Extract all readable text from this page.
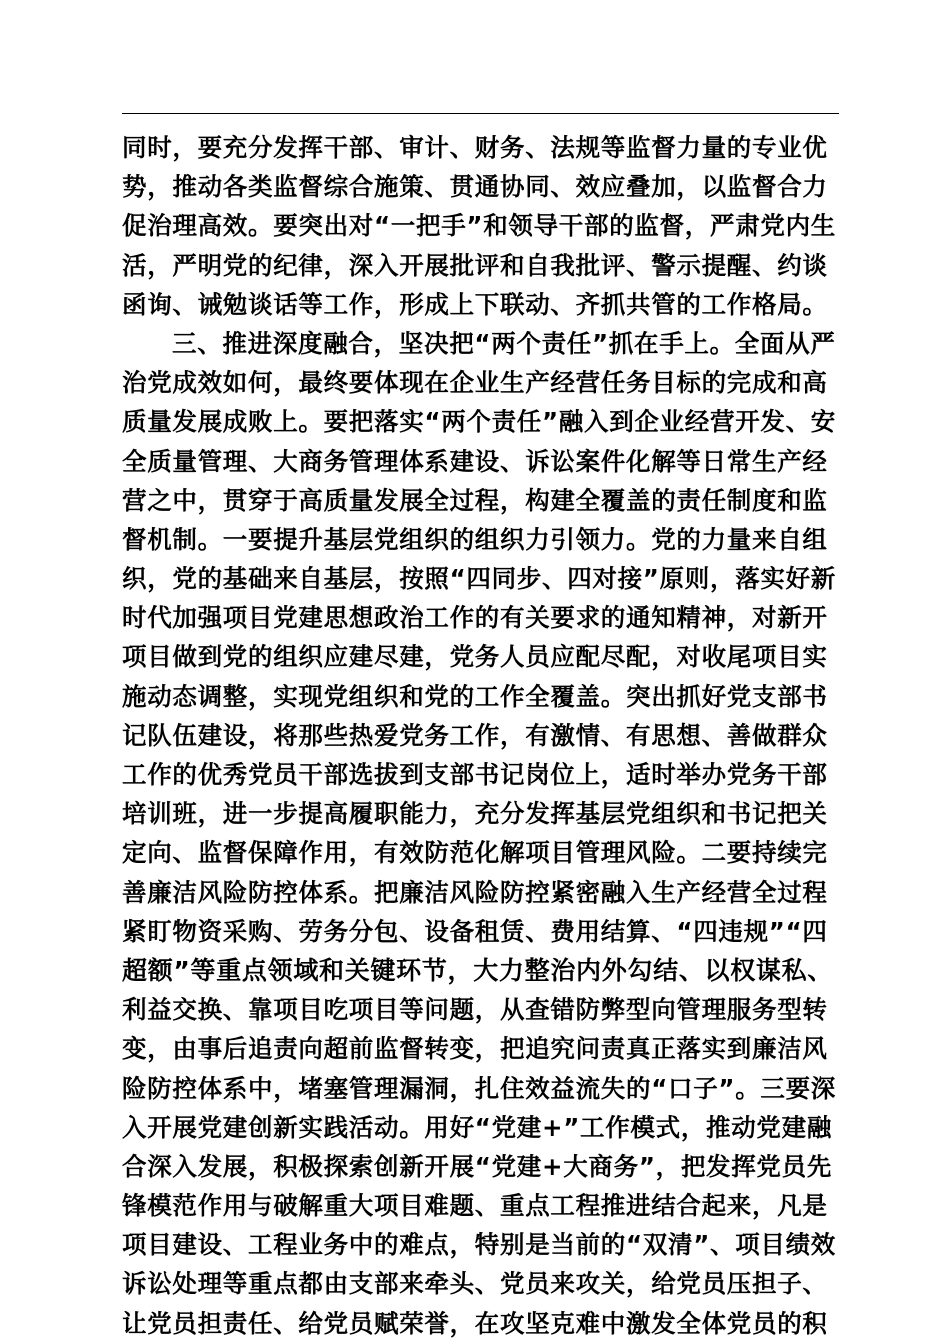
同时，要充分发挥干部、审计、财务、法规等监督力量的专业优
势，推动各类监督综合施策、贯通协同、效应叠加，以监督合力
促治理高效。要突出对“一把手”和领导干部的监督，严肃党内生
活，严明党的纪律，深入开展批评和自我批评、警示提醒、约谈
函询、诫勉谈话等工作，形成上下联动、齐抓共管的工作格局。
三、推进深度融合，坚决把“两个责任”抓在手上。全面从严
治党成效如何，最终要体现在企业生产经营任务目标的完成和高
质量发展成败上。要把落实“两个责任”融入到企业经营开发、安
全质量管理、大商务管理体系建设、诉讼案件化解等日常生产经
营之中，贯穿于高质量发展全过程，构建全覆盖的责任制度和监
督机制。一要提升基层党组织的组织力引领力。党的力量来自组
织，党的基础来自基层，按照“四同步、四对接”原则，落实好新
时代加强项目党建思想政治工作的有关要求的通知精神，对新开
项目做到党的组织应建尽建，党务人员应配尽配，对收尾项目实
施动态调整，实现党组织和党的工作全覆盖。突出抓好党支部书
记队伍建设，将那些热爱党务工作，有激情、有思想、善做群众
工作的优秀党员干部选拔到支部书记岗位上，适时举办党务干部
培训班，进一步提高履职能力，充分发挥基层党组织和书记把关
定向、监督保障作用，有效防范化解项目管理风险。二要持续完
善廉洁风险防控体系。把廉洁风险防控紧密融入生产经营全过程
紧盯物资采购、劳务分包、设备租赁、费用结算、“四违规”“四
超额”等重点领域和关键环节，大力整治内外勾结、以权谋私、
利益交换、靠项目吃项目等问题，从查错防弊型向管理服务型转
变，由事后追责向超前监督转变，把追究问责真正落实到廉洁风
险防控体系中，堵塞管理漏洞，扎住效益流失的“口子”。三要深
入开展党建创新实践活动。用好“党建+”工作模式，推动党建融
合深入发展，积极探索创新开展“党建+大商务”，把发挥党员先
锋模范作用与破解重大项目难题、重点工程推进结合起来，凡是
项目建设、工程业务中的难点，特别是当前的“双清”、项目绩效
诉讼处理等重点都由支部来牵头、党员来攻关，给党员压担子、
让党员担责任、给党员赋荣誉，在攻坚克难中激发全体党员的积
